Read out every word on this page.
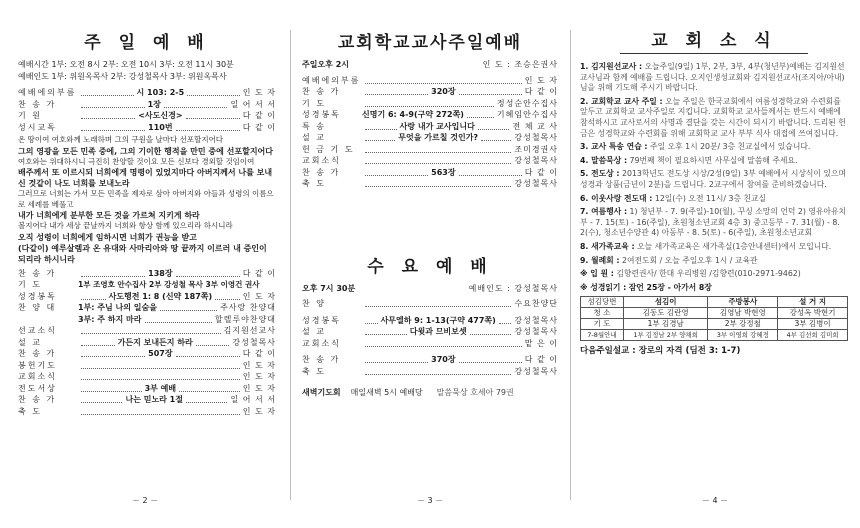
주 일 예 배
예배시간 1부: 오전 8시 2부: 오전 10시 3부: 오전 11시 30분
예배인도 1부: 위원옥목사 2부: 강성철목사 3부: 위원옥목사
예배에의부름	시 103: 2-5	인 도 자
찬 송 가	1장	일 어 서 서
기 원	<사도신경>	다 같 이
성시교독	110번	다 같 이
온 땅이여 여호와께 노래하며 그의 구원을 날마다 선포할지어다
그의 영광을 모든 민족 중에, 그의 기이한 행적을 만민 중에 선포할지어다
여호와는 위대하시니 극진히 찬양할 것이요 모든 신보다 경외할 것임이여
배주께서 또 이르시되 너희에게 명령이 있었지마다 아버지께서 나를 보내신 것같이 나도 너희를 보내노라
그러므로 너희는 가서 모든 민족을 제자로 삼아 아버지와 아들과 성령의 이름으로 세례를 베풀고
내가 너희에게 분부한 모든 것을 가르쳐 지키게 하라
볼지어다 내가 세상 끝날까지 너희와 항상 함께 있으리라 하시니라
오직 성령이 너희에게 임하시면 너희가 권능을 받고
(다같이) 예루살렘과 온 유대와 사마리아와 땅 끝까지 이르러 내 증인이 되리라 하시니라
찬 송 가	138장	다 같 이
기 도	1부 조영호 안수집사 2부 강성철 목사 3부 이영건 권사
성경봉독	사도행전 1: 8 (신약 187쪽)	인 도 자
찬 양 대	1부: 주님 나의 일숨을	주사랑 찬양대
3부: 주 하지 마라	할렐루야찬양대
선교소식	김지원선교사
설 교	가든지 보내든지 하라	강성철목사
찬 송 가	507장	다 같 이
봉헌기도	인 도 자
교회소식	인 도 자
전도서상	3부 예배	인 도 자
찬 송 가	나는 믿노라 1절	일 어 서 서
축 도	인 도 자
－ 2 －
교회학교교사주일예배
주일오후 2시	인 도 : 조승은권사
예배에의부름	인 도 자
찬 송 가	320장	다 같 이
기 도	정성순안수집사
성경봉독	신명기 6: 4-9(구약 272쪽)	기혜임안수집사
특 송	사랑 내가 교사입니다	전 체 교 사
설 교	무엇을 가르칠 것인가?	강성철목사
헌 금 기 도	조미경권사
교회소식	강성철목사
찬 송 가	563장	다 같 이
축 도	강성철목사
수 요 예 배
오후 7시 30분	예배인도 : 강성철목사
찬 양	수요찬양단
성경봉독	사무엘하 9: 1-13(구약 477쪽) 강성철목사
설 교	다윗과 므비보셋	강성철목사
교회소식	맡 은 이
찬 송 가	370장	다 같 이
축 도	강성철목사
새벽기도회 매일새벽 5시 예배당 말씀묵상 호세아 79권
－ 3 －
교 회 소 식
1. 김지원선교사 : 오늘주일(9일) 1부, 2부, 3부, 4부(청년부)예배는 김지원선교사님과 함께 예배를 드립니다. 오지인생성교회와 김지원선교사(조지아/아내)님을 위해 기도해 주시기 바랍니다.
2. 교회학교 교사 주일 : 오늘 주일은 한국교회에서 여름성경학교와 수련회를 앞두고 교회학교 교사주일로 지킵니다. 교회학교 교사들께서는 반드시 예배에 참석하시고 교사로서의 사명과 결단을 갖는 시간이 되시기 바랍니다. 드리된 헌금은 성경학교와 수련회를 위해 교회학교 교사 부부 식사 대접에 쓰여집니다.
3. 교사 특송 연습 : 주일 오후 1시 20분/ 3층 친교실에서 있습니다.
4. 말씀묵상 : 79번째 책이 필요하시면 사무실에 말씀해 주세요.
5. 전도상 : 2013학년도 전도상 시상/2성(9일) 3부 예배에서 시상식이 있으며 성경과 상품(금년이 2분)을 드립니다. 2교구에서 참여를 준비하겠습니다.
6. 이웃사랑 전도대 : 12일(수) 오전 11시/ 3층 친교실
7. 여름행사 : 1) 청년부 - 7. 9(주일)-10(월), 꾸싱 소망의 언덕 2) 영유아유치부 - 7. 15(토) - 16(주일), 초원청소년교회 4층 3) 중고등부 - 7. 31(월) - 8. 2(수), 청소년수양관 4) 아동부 - 8. 5(토) - 6(주일), 초원청소년교회
8. 새가족교육 : 오늘 새가족교육은 새가족실(1층안내센터)에서 모입니다.
9. 월례회 : 2여전도회 / 오늘 주일오후 1시 / 교육관
※ 입 원 : 김향련권사/ 한대 우리병원 /김향련(010-2971-9462)
※ 성경읽기 : 잠언 25장 - 아가서 8장
섬김당번	섬김이	주방봉사	설 거 지
청 소	김동도 김란영	김영남 박현영	강성옥 박현기
기 도	1부 김경남	2부 강정철	3부 김병이
7-8월안내	1부 김정남 2부 양채희	3부 이영희 강혜정	4부 김선희 김미희
다음주일설교 : 장로의 자격 (딤전 3: 1-7)
－ 4 －
